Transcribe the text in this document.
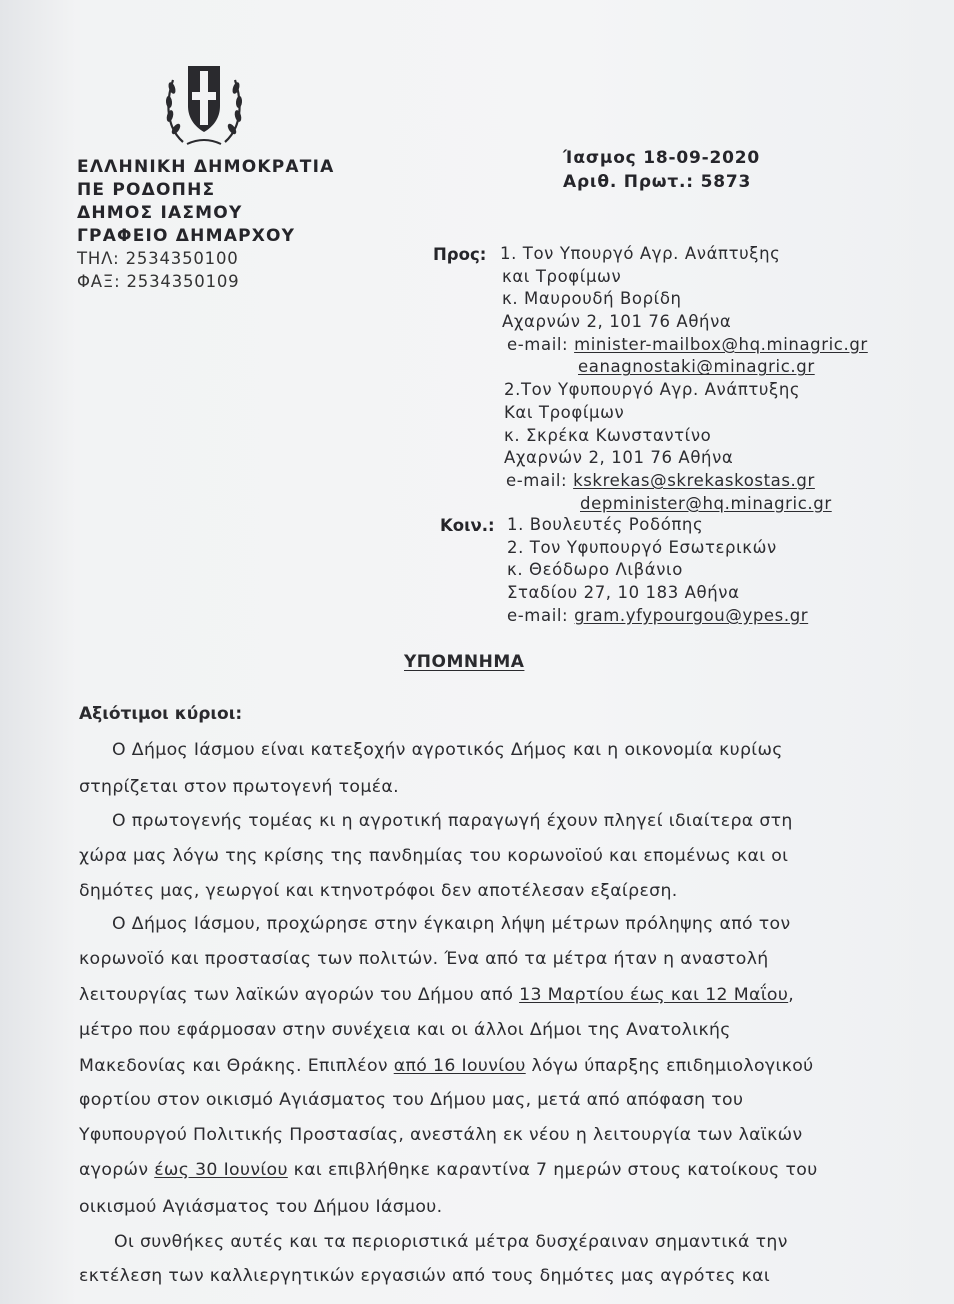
ΕΛΛΗΝΙΚΗ ΔΗΜΟΚΡΑΤΙΑ
ΠΕ ΡΟΔΟΠΗΣ
ΔΗΜΟΣ ΙΑΣΜΟΥ
ΓΡΑΦΕΙΟ ΔΗΜΑΡΧΟΥ
ΤΗΛ: 2534350100
ΦΑΞ: 2534350109
Ίασμος 18-09-2020
Αριθ. Πρωτ.: 5873
Προς: 1. Τον Υπουργό Αγρ. Ανάπτυξης
και Τροφίμων
κ. Μαυρουδή Βορίδη
Αχαρνών 2, 101 76 Αθήνα
e-mail: minister-mailbox@hq.minagric.gr
eanagnostaki@minagric.gr
2.Τον Υφυπουργό Αγρ. Ανάπτυξης
Και Τροφίμων
κ. Σκρέκα Κωνσταντίνο
Αχαρνών 2, 101 76 Αθήνα
e-mail: kskrekas@skrekaskostas.gr
depminister@hq.minagric.gr
Κοιν.: 1. Βουλευτές Ροδόπης
2. Τον Υφυπουργό Εσωτερικών
κ. Θεόδωρο Λιβάνιο
Σταδίου 27, 10 183 Αθήνα
e-mail: gram.yfypourgou@ypes.gr
ΥΠΟΜΝΗΜΑ
Αξιότιμοι κύριοι:
Ο Δήμος Ιάσμου είναι κατεξοχήν αγροτικός Δήμος και η οικονομία κυρίως
στηρίζεται στον πρωτογενή τομέα.
Ο πρωτογενής τομέας κι η αγροτική παραγωγή έχουν πληγεί ιδιαίτερα στη
χώρα μας λόγω της κρίσης της πανδημίας του κορωνοϊού και επομένως και οι
δημότες μας, γεωργοί και κτηνοτρόφοι δεν αποτέλεσαν εξαίρεση.
Ο Δήμος Ιάσμου, προχώρησε στην έγκαιρη λήψη μέτρων πρόληψης από τον
κορωνοϊό και προστασίας των πολιτών. Ένα από τα μέτρα ήταν η αναστολή
λειτουργίας των λαϊκών αγορών του Δήμου από 13 Μαρτίου έως και 12 Μαΐου,
μέτρο που εφάρμοσαν στην συνέχεια και οι άλλοι Δήμοι της Ανατολικής
Μακεδονίας και Θράκης. Επιπλέον από 16 Ιουνίου λόγω ύπαρξης επιδημιολογικού
φορτίου στον οικισμό Αγιάσματος του Δήμου μας, μετά από απόφαση του
Υφυπουργού Πολιτικής Προστασίας, ανεστάλη εκ νέου η λειτουργία των λαϊκών
αγορών έως 30 Ιουνίου και επιβλήθηκε καραντίνα 7 ημερών στους κατοίκους του
οικισμού Αγιάσματος του Δήμου Ιάσμου.
Οι συνθήκες αυτές και τα περιοριστικά μέτρα δυσχέραιναν σημαντικά την
εκτέλεση των καλλιεργητικών εργασιών από τους δημότες μας αγρότες και
